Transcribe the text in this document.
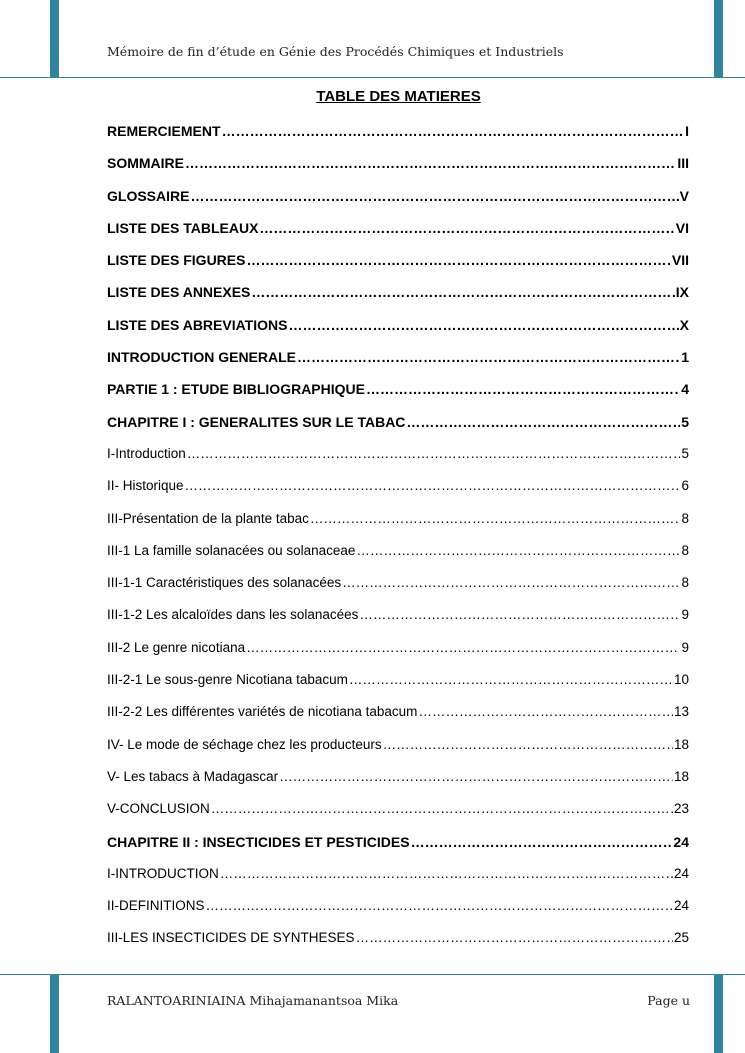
Mémoire de fin d’étude en Génie des Procédés Chimiques et Industriels
TABLE DES MATIERES
REMERCIEMENT ……………………………………………………………………………………………………………………………………………………	I
SOMMAIRE ……………………………………………………………………………………………………………………………………………………	III
GLOSSAIRE ……………………………………………………………………………………………………………………………………………………	V
LISTE DES TABLEAUX ……………………………………………………………………………………………………………………………………………………	VI
LISTE DES FIGURES ……………………………………………………………………………………………………………………………………………………	VII
LISTE DES ANNEXES ……………………………………………………………………………………………………………………………………………………	IX
LISTE DES ABREVIATIONS ……………………………………………………………………………………………………………………………………………………	X
INTRODUCTION GENERALE ……………………………………………………………………………………………………………………………………………………	1
PARTIE 1 : ETUDE BIBLIOGRAPHIQUE ……………………………………………………………………………………………………………………………………………………	4
CHAPITRE I : GENERALITES SUR LE TABAC ……………………………………………………………………………………………………………………………………………………	5
I-Introduction ……………………………………………………………………………………………………………………………………………………	5
II- Historique ……………………………………………………………………………………………………………………………………………………	6
III-Présentation de la plante tabac ……………………………………………………………………………………………………………………………………………………	8
III-1 La famille solanacées ou solanaceae ……………………………………………………………………………………………………………………………………………………	8
III-1-1 Caractéristiques des solanacées ……………………………………………………………………………………………………………………………………………………	8
III-1-2 Les alcaloïdes dans les solanacées ……………………………………………………………………………………………………………………………………………………	9
III-2 Le genre nicotiana ……………………………………………………………………………………………………………………………………………………	9
III-2-1 Le sous-genre Nicotiana tabacum ……………………………………………………………………………………………………………………………………………………	10
III-2-2 Les différentes variétés de nicotiana tabacum ……………………………………………………………………………………………………………………………………………………	13
IV- Le mode de séchage chez les producteurs ……………………………………………………………………………………………………………………………………………………	18
V- Les tabacs à Madagascar ……………………………………………………………………………………………………………………………………………………	18
V-CONCLUSION ……………………………………………………………………………………………………………………………………………………	23
CHAPITRE II : INSECTICIDES ET PESTICIDES ……………………………………………………………………………………………………………………………………………………	24
I-INTRODUCTION ……………………………………………………………………………………………………………………………………………………	24
II-DEFINITIONS ……………………………………………………………………………………………………………………………………………………	24
III-LES INSECTICIDES DE SYNTHESES ……………………………………………………………………………………………………………………………………………………	25
RALANTOARINIAINA Mihajamanantsoa Mika	Page u
